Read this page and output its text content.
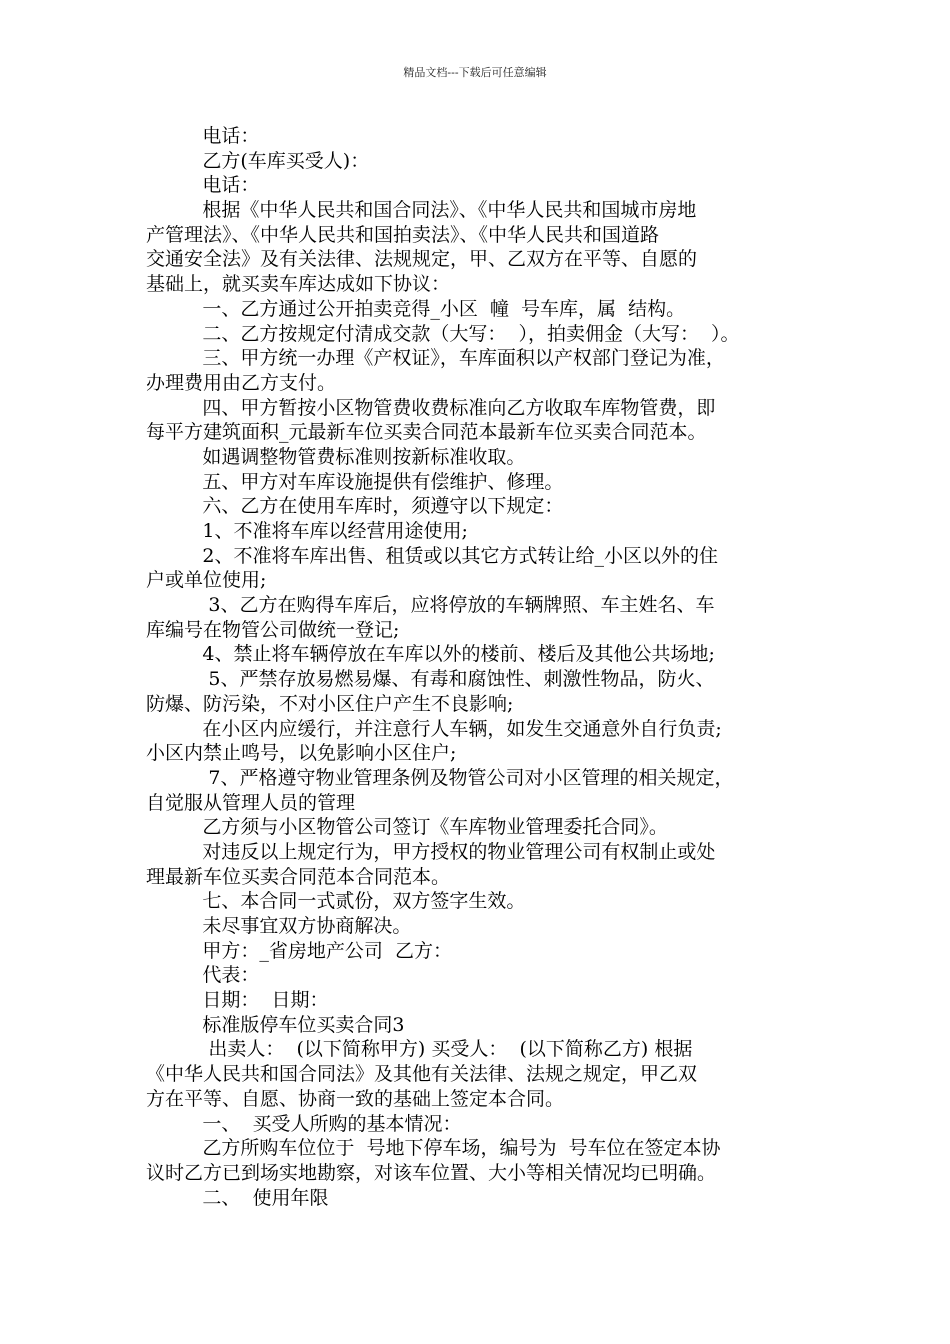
精品文档---下载后可任意编辑
电话：
乙方(车库买受人)：
电话：
根据《中华人民共和国合同法》、《中华人民共和国城市房地
产管理法》、《中华人民共和国拍卖法》、《中华人民共和国道路
交通安全法》及有关法律、法规规定，甲、乙双方在平等、自愿的
基础上，就买卖车库达成如下协议：
一、乙方通过公开拍卖竞得_小区  幢  号车库，属  结构。
二、乙方按规定付清成交款（大写：  ），拍卖佣金（大写：  ）。
三、甲方统一办理《产权证》，车库面积以产权部门登记为准，
办理费用由乙方支付。
四、甲方暂按小区物管费收费标准向乙方收取车库物管费，即
每平方建筑面积_元最新车位买卖合同范本最新车位买卖合同范本。
如遇调整物管费标准则按新标准收取。
五、甲方对车库设施提供有偿维护、修理。
六、乙方在使用车库时，须遵守以下规定：
1、不准将车库以经营用途使用;
2、不准将车库出售、租赁或以其它方式转让给_小区以外的住
户或单位使用;
3、乙方在购得车库后，应将停放的车辆牌照、车主姓名、车
库编号在物管公司做统一登记;
4、禁止将车辆停放在车库以外的楼前、楼后及其他公共场地;
5、严禁存放易燃易爆、有毒和腐蚀性、刺激性物品，防火、
防爆、防污染，不对小区住户产生不良影响;
在小区内应缓行，并注意行人车辆，如发生交通意外自行负责;
小区内禁止鸣号，以免影响小区住户;
7、严格遵守物业管理条例及物管公司对小区管理的相关规定，
自觉服从管理人员的管理
乙方须与小区物管公司签订《车库物业管理委托合同》。
对违反以上规定行为，甲方授权的物业管理公司有权制止或处
理最新车位买卖合同范本合同范本。
七、本合同一式贰份，双方签字生效。
未尽事宜双方协商解决。
甲方：_省房地产公司  乙方：
代表：
日期：  日期：
标准版停车位买卖合同3
出卖人：  (以下简称甲方) 买受人：  (以下简称乙方) 根据
《中华人民共和国合同法》及其他有关法律、法规之规定，甲乙双
方在平等、自愿、协商一致的基础上签定本合同。
一、  买受人所购的基本情况：
乙方所购车位位于  号地下停车场，编号为  号车位在签定本协
议时乙方已到场实地勘察，对该车位置、大小等相关情况均已明确。
二、  使用年限
